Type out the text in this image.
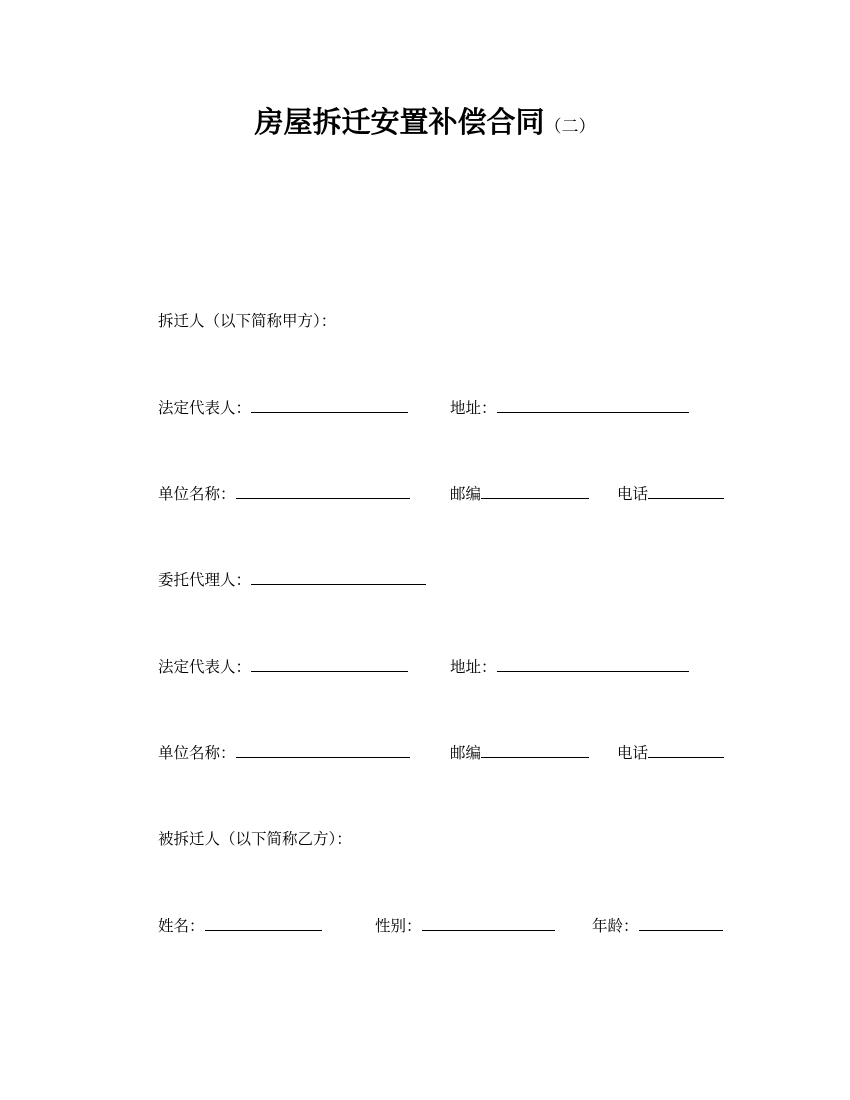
房屋拆迁安置补偿合同（二）
拆迁人（以下简称甲方）：
法定代表人：	地址：
单位名称：	邮编	电话
委托代理人：
法定代表人：	地址：
单位名称：	邮编	电话
被拆迁人（以下简称乙方）：
姓名：	性别：	年龄：
